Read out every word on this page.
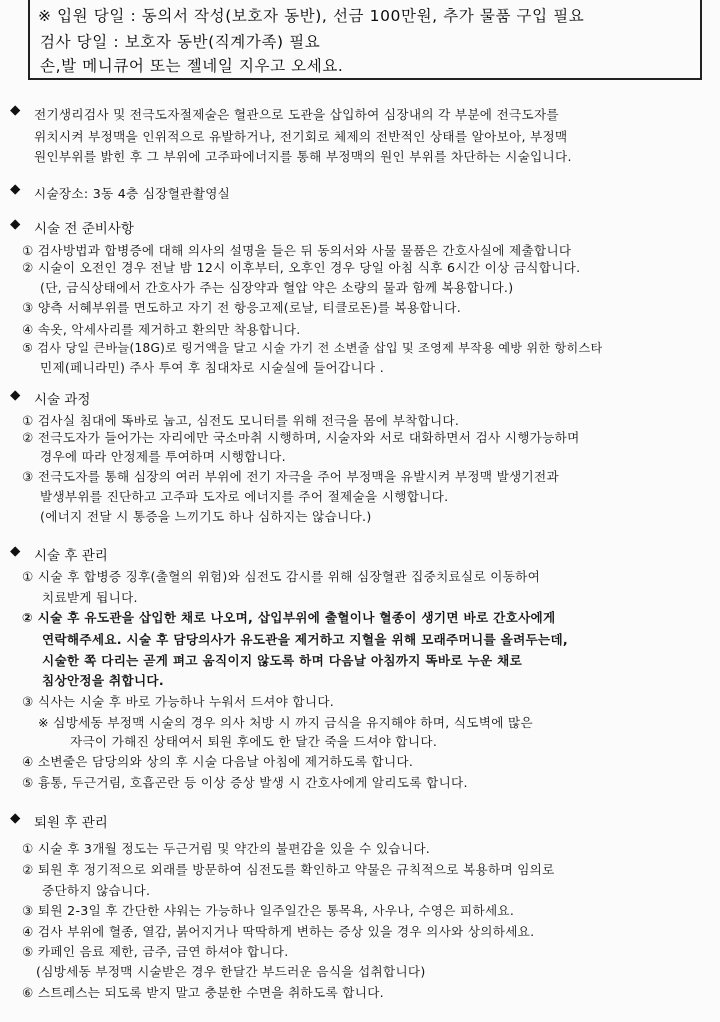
※ 입원 당일 : 동의서 작성(보호자 동반), 선금 100만원, 추가 물품 구입 필요
검사 당일 : 보호자 동반(직계가족) 필요
손,발 메니큐어 또는 젤네일 지우고 오세요.
◆ 전기생리검사 및 전극도자절제술은 혈관으로 도관을 삽입하여 심장내의 각 부분에 전극도자를
위치시켜 부정맥을 인위적으로 유발하거나, 전기회로 체제의 전반적인 상태를 알아보아, 부정맥
원인부위를 밝힌 후 그 부위에 고주파에너지를 통해 부정맥의 원인 부위를 차단하는 시술입니다.
◆ 시술장소: 3동 4층 심장혈관촬영실
◆ 시술 전 준비사항
① 검사방법과 합병증에 대해 의사의 설명을 들은 뒤 동의서와 사물 물품은 간호사실에 제출합니다
② 시술이 오전인 경우 전날 밤 12시 이후부터, 오후인 경우 당일 아침 식후 6시간 이상 금식합니다.
(단, 금식상태에서 간호사가 주는 심장약과 혈압 약은 소량의 물과 함께 복용합니다.)
③ 양측 서혜부위를 면도하고 자기 전 항응고제(로날, 티클로돈)를 복용합니다.
④ 속옷, 악세사리를 제거하고 환의만 착용합니다.
⑤ 검사 당일 큰바늘(18G)로 링거액을 달고 시술 가기 전 소변줄 삽입 및 조영제 부작용 예방 위한 항히스타
민제(페니라민) 주사 투여 후 침대차로 시술실에 들어갑니다 .
◆ 시술 과정
① 검사실 침대에 똑바로 눕고, 심전도 모니터를 위해 전극을 몸에 부착합니다.
② 전극도자가 들어가는 자리에만 국소마취 시행하며, 시술자와 서로 대화하면서 검사 시행가능하며
경우에 따라 안정제를 투여하며 시행합니다.
③ 전극도자를 통해 심장의 여러 부위에 전기 자극을 주어 부정맥을 유발시켜 부정맥 발생기전과
발생부위를 진단하고 고주파 도자로 에너지를 주어 절제술을 시행합니다.
(에너지 전달 시 통증을 느끼기도 하나 심하지는 않습니다.)
◆ 시술 후 관리
① 시술 후 합병증 징후(출혈의 위험)와 심전도 감시를 위해 심장혈관 집중치료실로 이동하여
치료받게 됩니다.
② 시술 후 유도관을 삽입한 채로 나오며, 삽입부위에 출혈이나 혈종이 생기면 바로 간호사에게
연락해주세요. 시술 후 담당의사가 유도관을 제거하고 지혈을 위해 모래주머니를 올려두는데,
시술한 쪽 다리는 곧게 펴고 움직이지 않도록 하며 다음날 아침까지 똑바로 누운 채로
침상안정을 취합니다.
③ 식사는 시술 후 바로 가능하나 누워서 드셔야 합니다.
※ 심방세동 부정맥 시술의 경우 의사 처방 시 까지 금식을 유지해야 하며, 식도벽에 많은
자극이 가해진 상태여서 퇴원 후에도 한 달간 죽을 드셔야 합니다.
④ 소변줄은 담당의와 상의 후 시술 다음날 아침에 제거하도록 합니다.
⑤ 흉통, 두근거림, 호흡곤란 등 이상 증상 발생 시 간호사에게 알리도록 합니다.
◆ 퇴원 후 관리
① 시술 후 3개월 정도는 두근거림 및 약간의 불편감을 있을 수 있습니다.
② 퇴원 후 정기적으로 외래를 방문하여 심전도를 확인하고 약물은 규칙적으로 복용하며 임의로
중단하지 않습니다.
③ 퇴원 2-3일 후 간단한 샤워는 가능하나 일주일간은 통목욕, 사우나, 수영은 피하세요.
④ 검사 부위에 혈종, 열감, 붉어지거나 딱딱하게 변하는 증상 있을 경우 의사와 상의하세요.
⑤ 카페인 음료 제한, 금주, 금연 하셔야 합니다.
(심방세동 부정맥 시술받은 경우 한달간 부드러운 음식을 섭취합니다)
⑥ 스트레스는 되도록 받지 말고 충분한 수면을 취하도록 합니다.
